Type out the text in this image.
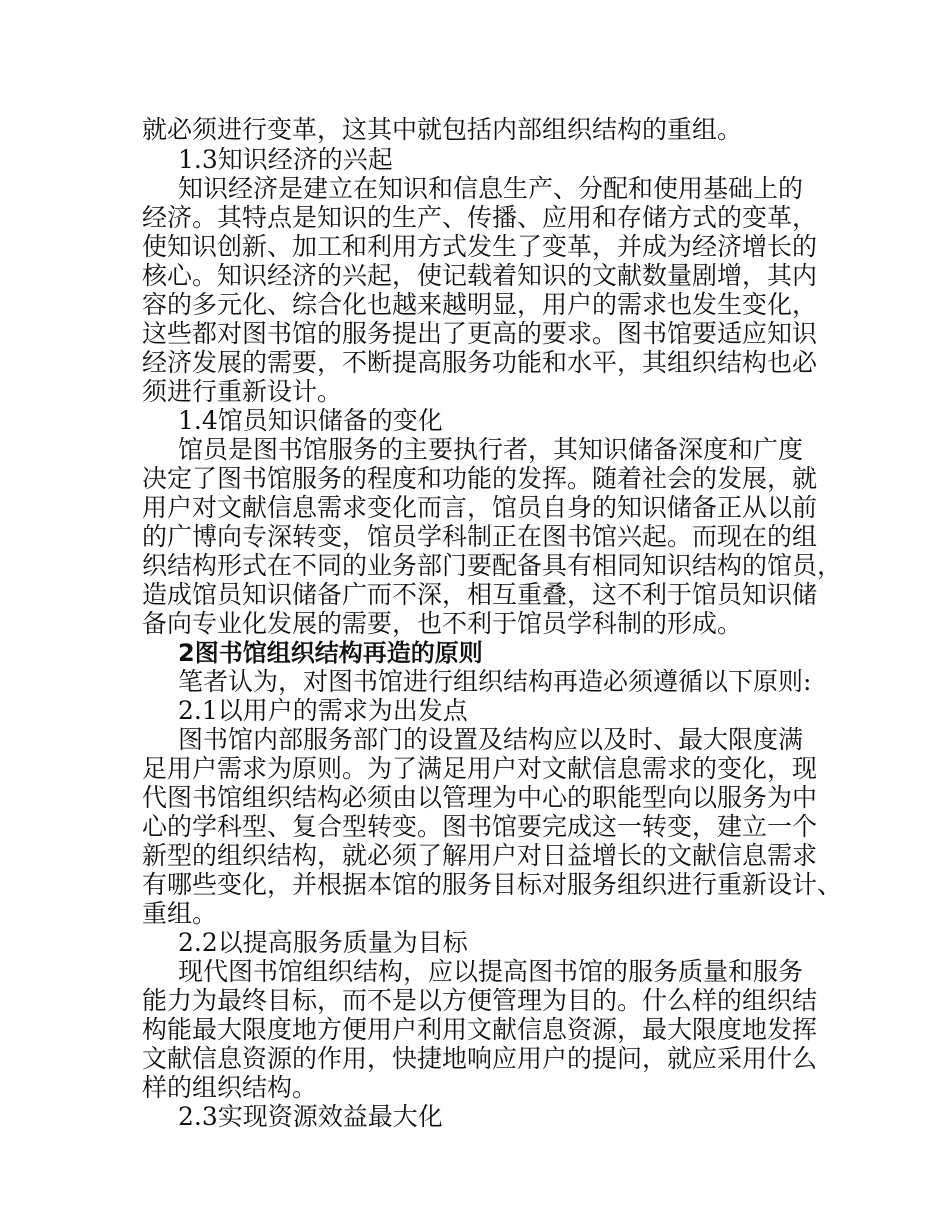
就必须进行变革，这其中就包括内部组织结构的重组。
1.3知识经济的兴起
知识经济是建立在知识和信息生产、分配和使用基础上的
经济。其特点是知识的生产、传播、应用和存储方式的变革，
使知识创新、加工和利用方式发生了变革，并成为经济增长的
核心。知识经济的兴起，使记载着知识的文献数量剧增，其内
容的多元化、综合化也越来越明显，用户的需求也发生变化，
这些都对图书馆的服务提出了更高的要求。图书馆要适应知识
经济发展的需要，不断提高服务功能和水平，其组织结构也必
须进行重新设计。
1.4馆员知识储备的变化
馆员是图书馆服务的主要执行者，其知识储备深度和广度
决定了图书馆服务的程度和功能的发挥。随着社会的发展，就
用户对文献信息需求变化而言，馆员自身的知识储备正从以前
的广博向专深转变，馆员学科制正在图书馆兴起。而现在的组
织结构形式在不同的业务部门要配备具有相同知识结构的馆员，
造成馆员知识储备广而不深，相互重叠，这不利于馆员知识储
备向专业化发展的需要，也不利于馆员学科制的形成。
2图书馆组织结构再造的原则
笔者认为，对图书馆进行组织结构再造必须遵循以下原则:
2.1以用户的需求为出发点
图书馆内部服务部门的设置及结构应以及时、最大限度满
足用户需求为原则。为了满足用户对文献信息需求的变化，现
代图书馆组织结构必须由以管理为中心的职能型向以服务为中
心的学科型、复合型转变。图书馆要完成这一转变，建立一个
新型的组织结构，就必须了解用户对日益增长的文献信息需求
有哪些变化，并根据本馆的服务目标对服务组织进行重新设计、
重组。
2.2以提高服务质量为目标
现代图书馆组织结构，应以提高图书馆的服务质量和服务
能力为最终目标，而不是以方便管理为目的。什么样的组织结
构能最大限度地方便用户利用文献信息资源，最大限度地发挥
文献信息资源的作用，快捷地响应用户的提问，就应采用什么
样的组织结构。
2.3实现资源效益最大化
